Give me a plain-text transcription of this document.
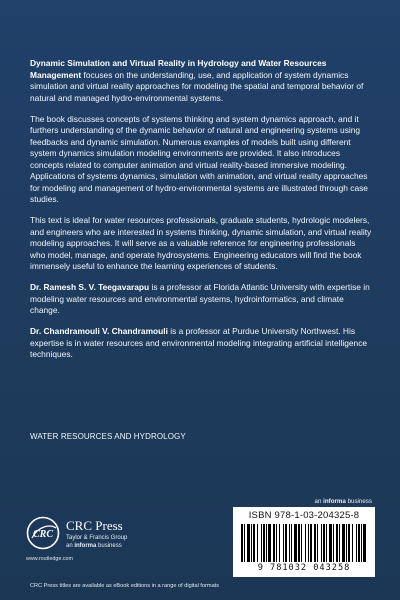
Dynamic Simulation and Virtual Reality in Hydrology and Water Resources Management focuses on the understanding, use, and application of system dynamics simulation and virtual reality approaches for modeling the spatial and temporal behavior of natural and managed hydro-environmental systems.

The book discusses concepts of systems thinking and system dynamics approach, and it furthers understanding of the dynamic behavior of natural and engineering systems using feedbacks and dynamic simulation. Numerous examples of models built using different system dynamics simulation modeling environments are provided. It also introduces concepts related to computer animation and virtual reality-based immersive modeling. Applications of systems dynamics, simulation with animation, and virtual reality approaches for modeling and management of hydro-environmental systems are illustrated through case studies.

This text is ideal for water resources professionals, graduate students, hydrologic modelers, and engineers who are interested in systems thinking, dynamic simulation, and virtual reality modeling approaches. It will serve as a valuable reference for engineering professionals who model, manage, and operate hydrosystems. Engineering educators will find the book immensely useful to enhance the learning experiences of students.

Dr. Ramesh S. V. Teegavarapu is a professor at Florida Atlantic University with expertise in modeling water resources and environmental systems, hydroinformatics, and climate change.

Dr. Chandramouli V. Chandramouli is a professor at Purdue University Northwest. His expertise is in water resources and environmental modeling integrating artificial intelligence techniques.

WATER RESOURCES AND HYDROLOGY
an informa business
CRC
CRC Press
Taylor & Francis Group
an informa business
www.routledge.com
ISBN 978-1-03-204325-8
9 781032 043258
CRC Press titles are available as eBook editions in a range of digital formats
